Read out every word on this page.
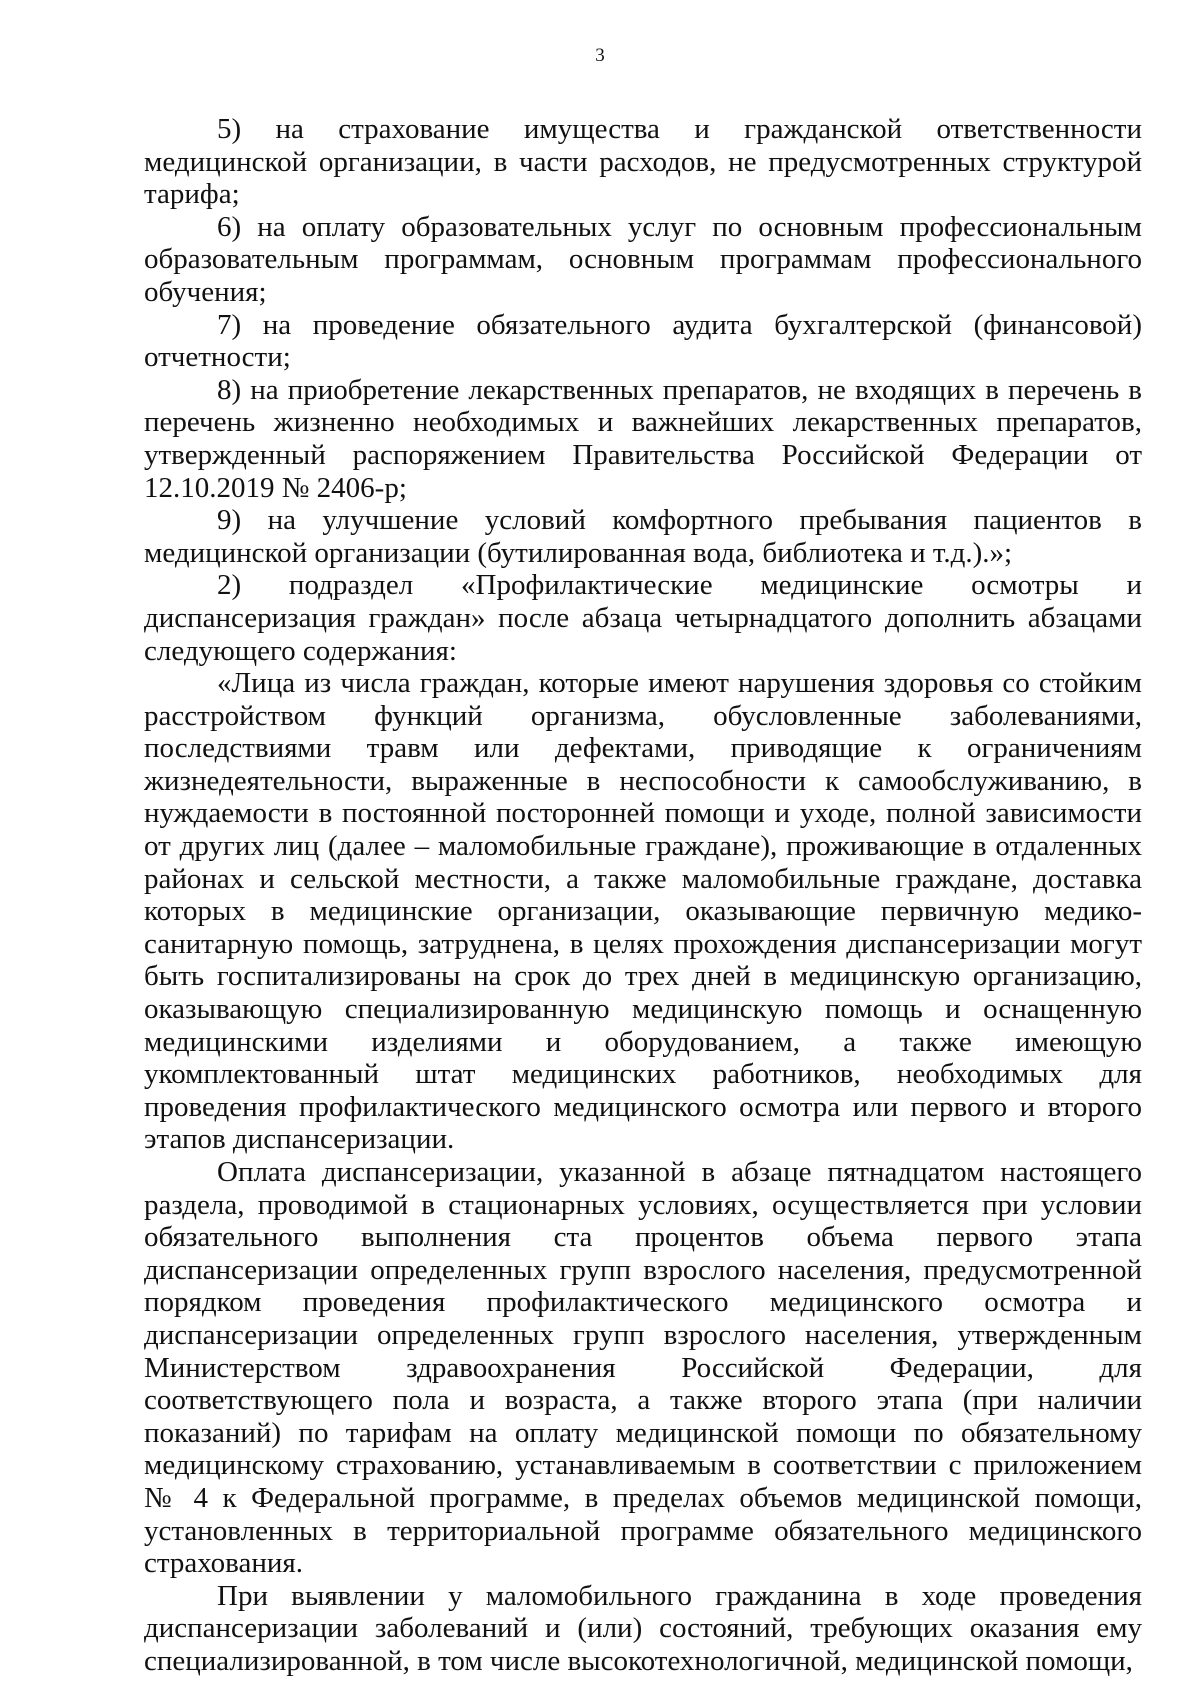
3

5) на страхование имущества и гражданской ответственности медицинской организации, в части расходов, не предусмотренных структурой тарифа;

6) на оплату образовательных услуг по основным профессиональным образовательным программам, основным программам профессионального обучения;

7) на проведение обязательного аудита бухгалтерской (финансовой) отчетности;

8) на приобретение лекарственных препаратов, не входящих в перечень в перечень жизненно необходимых и важнейших лекарственных препаратов, утвержденный распоряжением Правительства Российской Федерации от 12.10.2019 № 2406-р;

9) на улучшение условий комфортного пребывания пациентов в медицинской организации (бутилированная вода, библиотека и т.д.).»;

2) подраздел «Профилактические медицинские осмотры и диспансеризация граждан» после абзаца четырнадцатого дополнить абзацами следующего содержания:

«Лица из числа граждан, которые имеют нарушения здоровья со стойким расстройством функций организма, обусловленные заболеваниями, последствиями травм или дефектами, приводящие к ограничениям жизнедеятельности, выраженные в неспособности к самообслуживанию, в нуждаемости в постоянной посторонней помощи и уходе, полной зависимости от других лиц (далее – маломобильные граждане), проживающие в отдаленных районах и сельской местности, а также маломобильные граждане, доставка которых в медицинские организации, оказывающие первичную медико-санитарную помощь, затруднена, в целях прохождения диспансеризации могут быть госпитализированы на срок до трех дней в медицинскую организацию, оказывающую специализированную медицинскую помощь и оснащенную медицинскими изделиями и оборудованием, а также имеющую укомплектованный штат медицинских работников, необходимых для проведения профилактического медицинского осмотра или первого и второго этапов диспансеризации.

Оплата диспансеризации, указанной в абзаце пятнадцатом настоящего раздела, проводимой в стационарных условиях, осуществляется при условии обязательного выполнения ста процентов объема первого этапа диспансеризации определенных групп взрослого населения, предусмотренной порядком проведения профилактического медицинского осмотра и диспансеризации определенных групп взрослого населения, утвержденным Министерством здравоохранения Российской Федерации, для соответствующего пола и возраста, а также второго этапа (при наличии показаний) по тарифам на оплату медицинской помощи по обязательному медицинскому страхованию, устанавливаемым в соответствии с приложением № 4 к Федеральной программе, в пределах объемов медицинской помощи, установленных в территориальной программе обязательного медицинского страхования.

При выявлении у маломобильного гражданина в ходе проведения диспансеризации заболеваний и (или) состояний, требующих оказания ему специализированной, в том числе высокотехнологичной, медицинской помощи,
